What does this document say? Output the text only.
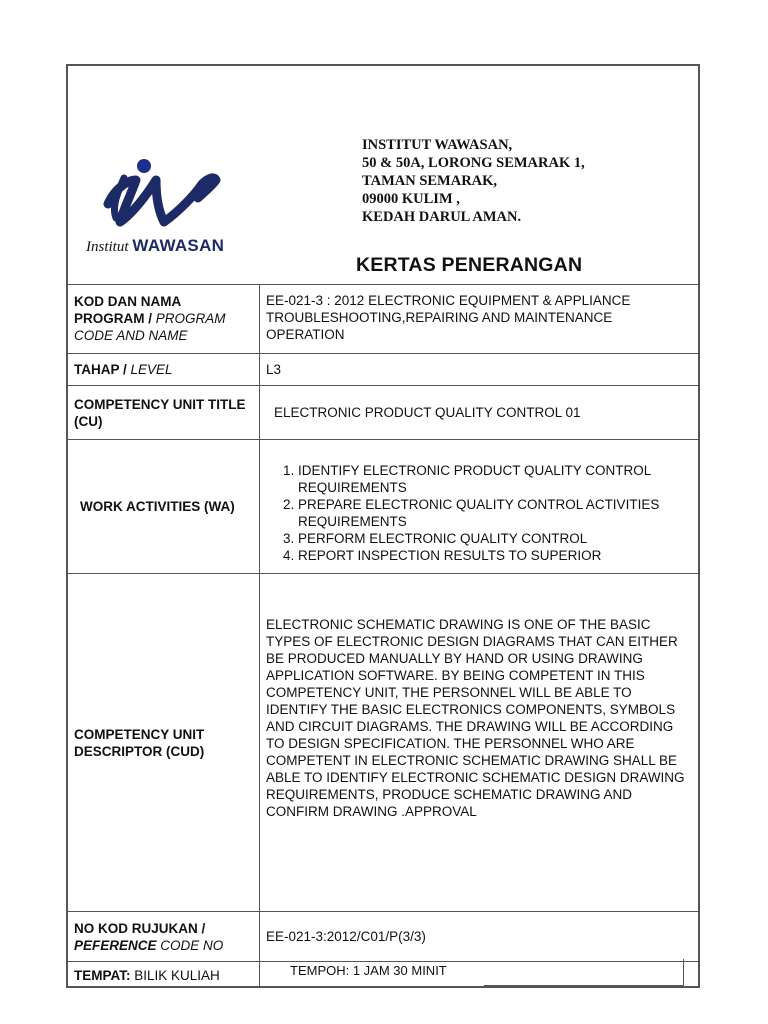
Institut WAWASAN
INSTITUT WAWASAN,
50 & 50A, LORONG SEMARAK 1,
TAMAN SEMARAK,
09000 KULIM ,
KEDAH DARUL AMAN.
KERTAS PENERANGAN
KOD DAN NAMA
PROGRAM / PROGRAM
CODE AND NAME
EE-021-3 : 2012 ELECTRONIC EQUIPMENT & APPLIANCE TROUBLESHOOTING,REPAIRING AND MAINTENANCE OPERATION
TAHAP / LEVEL	L3
COMPETENCY UNIT TITLE (CU)
ELECTRONIC PRODUCT QUALITY CONTROL 01
WORK ACTIVITIES (WA)
1. IDENTIFY ELECTRONIC PRODUCT QUALITY CONTROL REQUIREMENTS
2. PREPARE ELECTRONIC QUALITY CONTROL ACTIVITIES REQUIREMENTS
3. PERFORM ELECTRONIC QUALITY CONTROL
4. REPORT INSPECTION RESULTS TO SUPERIOR
COMPETENCY UNIT DESCRIPTOR (CUD)
ELECTRONIC SCHEMATIC DRAWING IS ONE OF THE BASIC TYPES OF ELECTRONIC DESIGN DIAGRAMS THAT CAN EITHER BE PRODUCED MANUALLY BY HAND OR USING DRAWING APPLICATION SOFTWARE. BY BEING COMPETENT IN THIS COMPETENCY UNIT, THE PERSONNEL WILL BE ABLE TO IDENTIFY THE BASIC ELECTRONICS COMPONENTS, SYMBOLS AND CIRCUIT DIAGRAMS. THE DRAWING WILL BE ACCORDING TO DESIGN SPECIFICATION. THE PERSONNEL WHO ARE COMPETENT IN ELECTRONIC SCHEMATIC DRAWING SHALL BE ABLE TO IDENTIFY ELECTRONIC SCHEMATIC DESIGN DRAWING REQUIREMENTS, PRODUCE SCHEMATIC DRAWING AND CONFIRM DRAWING .APPROVAL
NO KOD RUJUKAN /
PEFERENCE CODE NO
EE-021-3:2012/C01/P(3/3)
TEMPAT: BILIK KULIAH	TEMPOH: 1 JAM 30 MINIT
